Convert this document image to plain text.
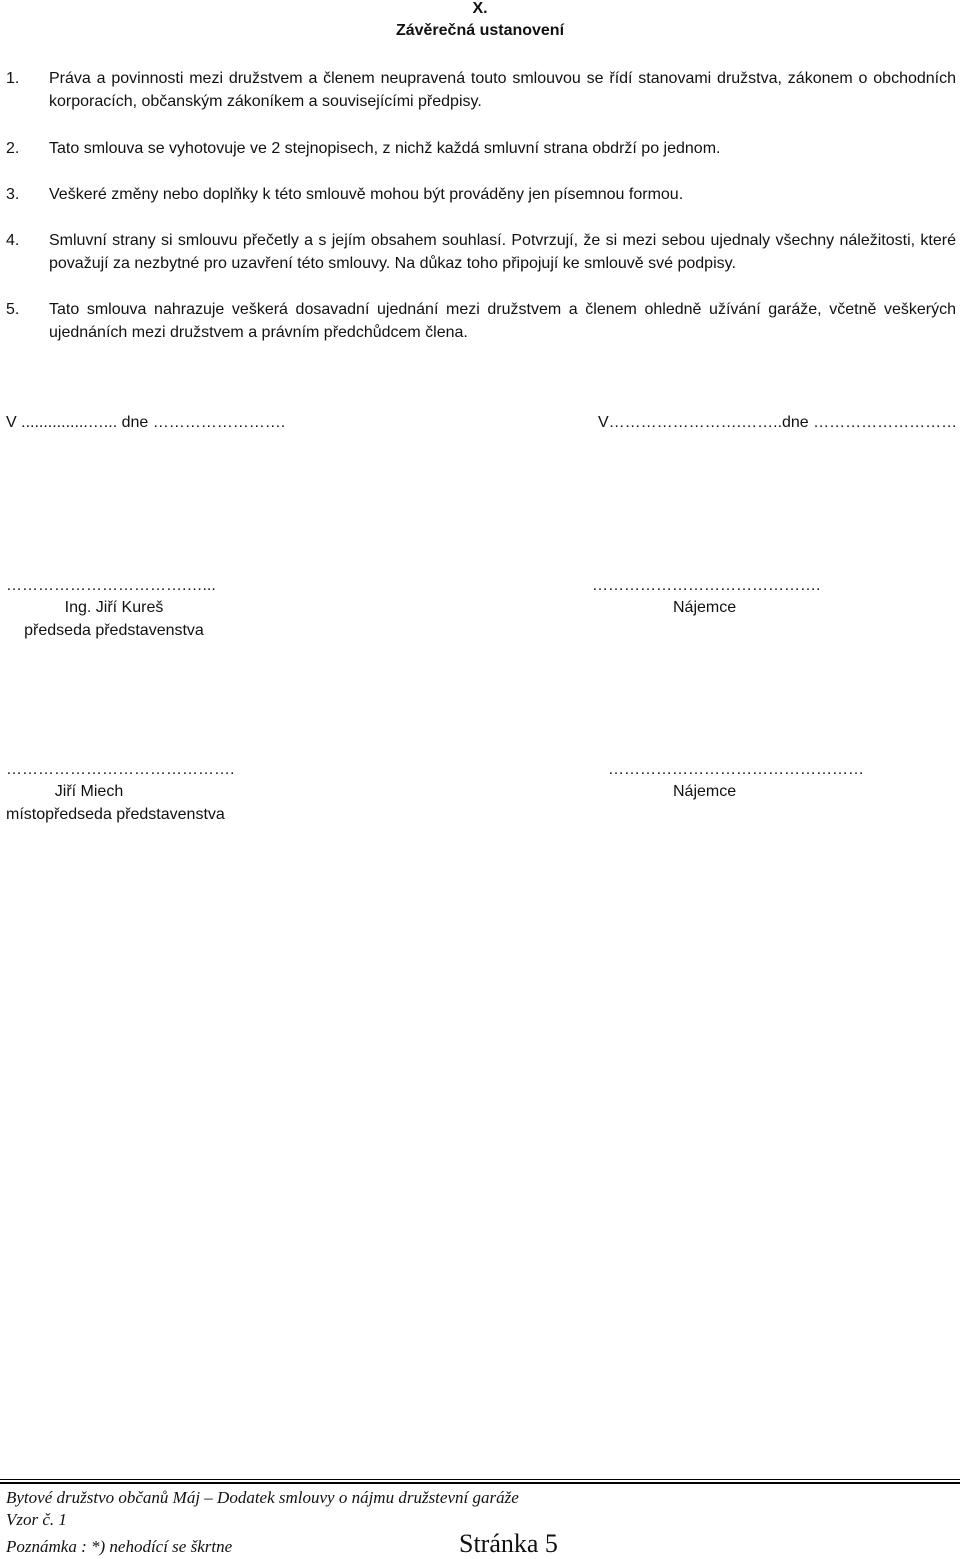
X.
Závěrečná ustanovení
1. Práva a povinnosti mezi družstvem a členem neupravená touto smlouvou se řídí stanovami družstva, zákonem o obchodních korporacích, občanským zákoníkem a souvisejícími předpisy.
2. Tato smlouva se vyhotovuje ve 2 stejnopisech, z nichž každá smluvní strana obdrží po jednom.
3. Veškeré změny nebo doplňky k této smlouvě mohou být prováděny jen písemnou formou.
4. Smluvní strany si smlouvu přečetly a s jejím obsahem souhlasí. Potvrzují, že si mezi sebou ujednaly všechny náležitosti, které považují za nezbytné pro uzavření této smlouvy. Na důkaz toho připojují ke smlouvě své podpisy.
5. Tato smlouva nahrazuje veškerá dosavadní ujednání mezi družstvem a členem ohledně užívání garáže, včetně veškerých ujednáních mezi družstvem a právním předchůdcem člena.
V ...............…... dne …………………….	V…………………….……..dne ………………………
…………………………….…...
Ing. Jiří Kureš
předseda představenstva
…………………………………….
Nájemce
…………………………………….
Jiří Miech
místopředseda představenstva
…………………………………………
Nájemce
Bytové družstvo občanů Máj – Dodatek smlouvy o nájmu družstevní garáže
Vzor č. 1
Poznámka : *) nehodící se škrtne	Stránka 5
